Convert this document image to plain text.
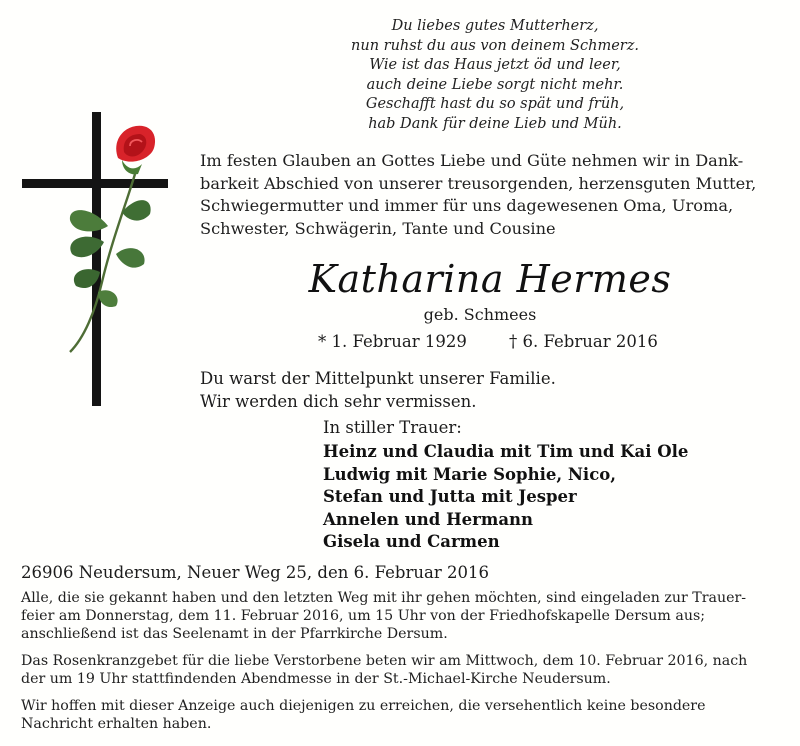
Du liebes gutes Mutterherz,
nun ruhst du aus von deinem Schmerz.
Wie ist das Haus jetzt öd und leer,
auch deine Liebe sorgt nicht mehr.
Geschafft hast du so spät und früh,
hab Dank für deine Lieb und Müh.
Im festen Glauben an Gottes Liebe und Güte nehmen wir in Dank-
barkeit Abschied von unserer treusorgenden, herzensguten Mutter,
Schwiegermutter und immer für uns dagewesenen Oma, Uroma,
Schwester, Schwägerin, Tante und Cousine
Katharina Hermes
geb. Schmees
* 1. Februar 1929	† 6. Februar 2016
Du warst der Mittelpunkt unserer Familie.
Wir werden dich sehr vermissen.
In stiller Trauer:
Heinz und Claudia mit Tim und Kai Ole
Ludwig mit Marie Sophie, Nico,
Stefan und Jutta mit Jesper
Annelen und Hermann
Gisela und Carmen
26906 Neudersum, Neuer Weg 25, den 6. Februar 2016
Alle, die sie gekannt haben und den letzten Weg mit ihr gehen möchten, sind eingeladen zur Trauer-
feier am Donnerstag, dem 11. Februar 2016, um 15 Uhr von der Friedhofskapelle Dersum aus;
anschließend ist das Seelenamt in der Pfarrkirche Dersum.
Das Rosenkranzgebet für die liebe Verstorbene beten wir am Mittwoch, dem 10. Februar 2016, nach
der um 19 Uhr stattfindenden Abendmesse in der St.-Michael-Kirche Neudersum.
Wir hoffen mit dieser Anzeige auch diejenigen zu erreichen, die versehentlich keine besondere
Nachricht erhalten haben.
